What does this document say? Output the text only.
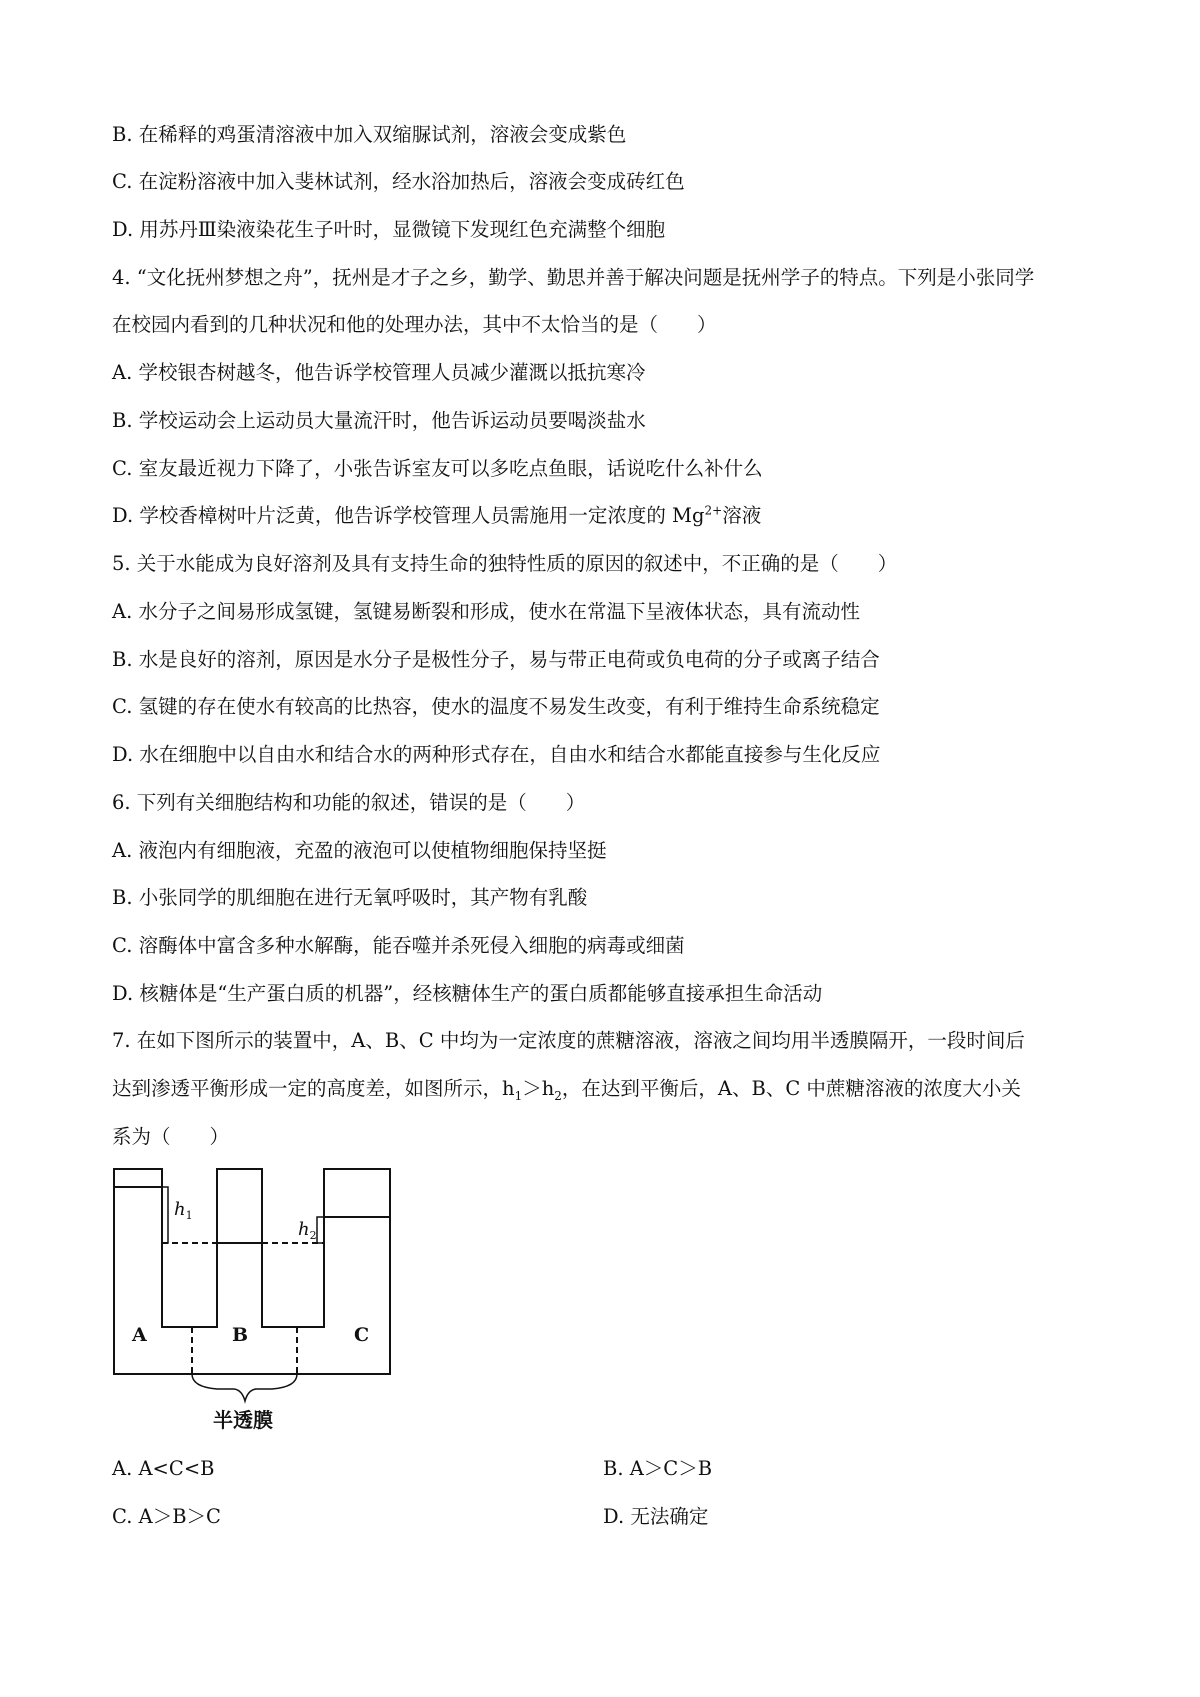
B. 在稀释的鸡蛋清溶液中加入双缩脲试剂，溶液会变成紫色
C. 在淀粉溶液中加入斐林试剂，经水浴加热后，溶液会变成砖红色
D. 用苏丹Ⅲ染液染花生子叶时，显微镜下发现红色充满整个细胞
4. “文化抚州梦想之舟”，抚州是才子之乡，勤学、勤思并善于解决问题是抚州学子的特点。下列是小张同学
在校园内看到的几种状况和他的处理办法，其中不太恰当的是（　　）
A. 学校银杏树越冬，他告诉学校管理人员减少灌溉以抵抗寒冷
B. 学校运动会上运动员大量流汗时，他告诉运动员要喝淡盐水
C. 室友最近视力下降了，小张告诉室友可以多吃点鱼眼，话说吃什么补什么
D. 学校香樟树叶片泛黄，他告诉学校管理人员需施用一定浓度的 $Mg^{2+}$溶液
5. 关于水能成为良好溶剂及具有支持生命的独特性质的原因的叙述中，不正确的是（　　）
A. 水分子之间易形成氢键，氢键易断裂和形成，使水在常温下呈液体状态，具有流动性
B. 水是良好的溶剂，原因是水分子是极性分子，易与带正电荷或负电荷的分子或离子结合
C. 氢键的存在使水有较高的比热容，使水的温度不易发生改变，有利于维持生命系统稳定
D. 水在细胞中以自由水和结合水的两种形式存在，自由水和结合水都能直接参与生化反应
6. 下列有关细胞结构和功能的叙述，错误的是（　　）
A. 液泡内有细胞液，充盈的液泡可以使植物细胞保持坚挺
B. 小张同学的肌细胞在进行无氧呼吸时，其产物有乳酸
C. 溶酶体中富含多种水解酶，能吞噬并杀死侵入细胞的病毒或细菌
D. 核糖体是“生产蛋白质的机器”，经核糖体生产的蛋白质都能够直接承担生命活动
7. 在如下图所示的装置中，A、B、C 中均为一定浓度的蔗糖溶液，溶液之间均用半透膜隔开，一段时间后
达到渗透平衡形成一定的高度差，如图所示，$h_1>h_2$，在达到平衡后，A、B、C 中蔗糖溶液的浓度大小关
系为（　　）
A	B	C
$h_1$
$h_2$
半透膜
A. A<C<B	B. A＞C＞B
C. A＞B＞C	D. 无法确定
